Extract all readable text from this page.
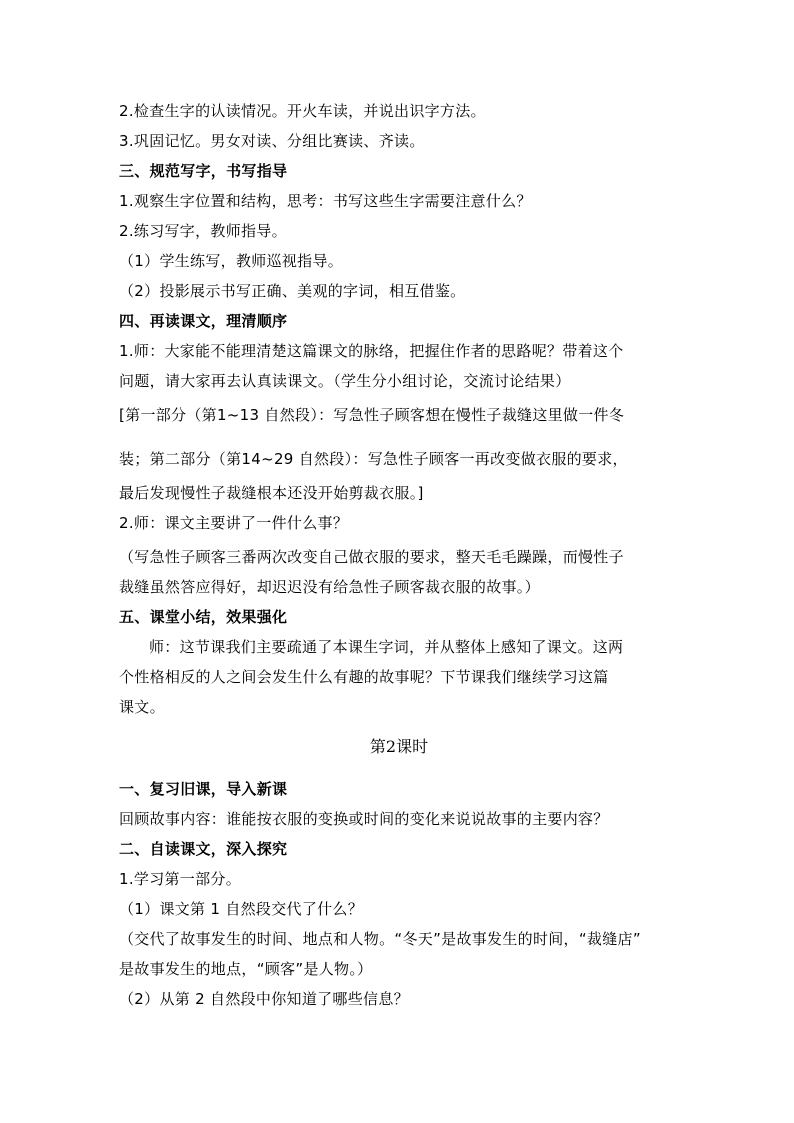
2.检查生字的认读情况。开火车读，并说出识字方法。
3.巩固记忆。男女对读、分组比赛读、齐读。
三、规范写字，书写指导
1.观察生字位置和结构，思考：书写这些生字需要注意什么？
2.练习写字，教师指导。
（1）学生练写，教师巡视指导。
（2）投影展示书写正确、美观的字词，相互借鉴。
四、再读课文，理清顺序
1.师：大家能不能理清楚这篇课文的脉络，把握住作者的思路呢？带着这个
问题，请大家再去认真读课文。（学生分小组讨论，交流讨论结果）
[第一部分（第1~13 自然段）：写急性子顾客想在慢性子裁缝这里做一件冬
装；第二部分（第14~29 自然段）：写急性子顾客一再改变做衣服的要求，
最后发现慢性子裁缝根本还没开始剪裁衣服。]
2.师：课文主要讲了一件什么事？
（写急性子顾客三番两次改变自己做衣服的要求，整天毛毛躁躁，而慢性子
裁缝虽然答应得好，却迟迟没有给急性子顾客裁衣服的故事。）
五、课堂小结，效果强化
师：这节课我们主要疏通了本课生字词，并从整体上感知了课文。这两
个性格相反的人之间会发生什么有趣的故事呢？下节课我们继续学习这篇
课文。
第2课时
一、复习旧课，导入新课
回顾故事内容：谁能按衣服的变换或时间的变化来说说故事的主要内容？
二、自读课文，深入探究
1.学习第一部分。
（1）课文第 1 自然段交代了什么？
（交代了故事发生的时间、地点和人物。“冬天”是故事发生的时间，“裁缝店”
是故事发生的地点，“顾客”是人物。）
（2）从第 2 自然段中你知道了哪些信息？
